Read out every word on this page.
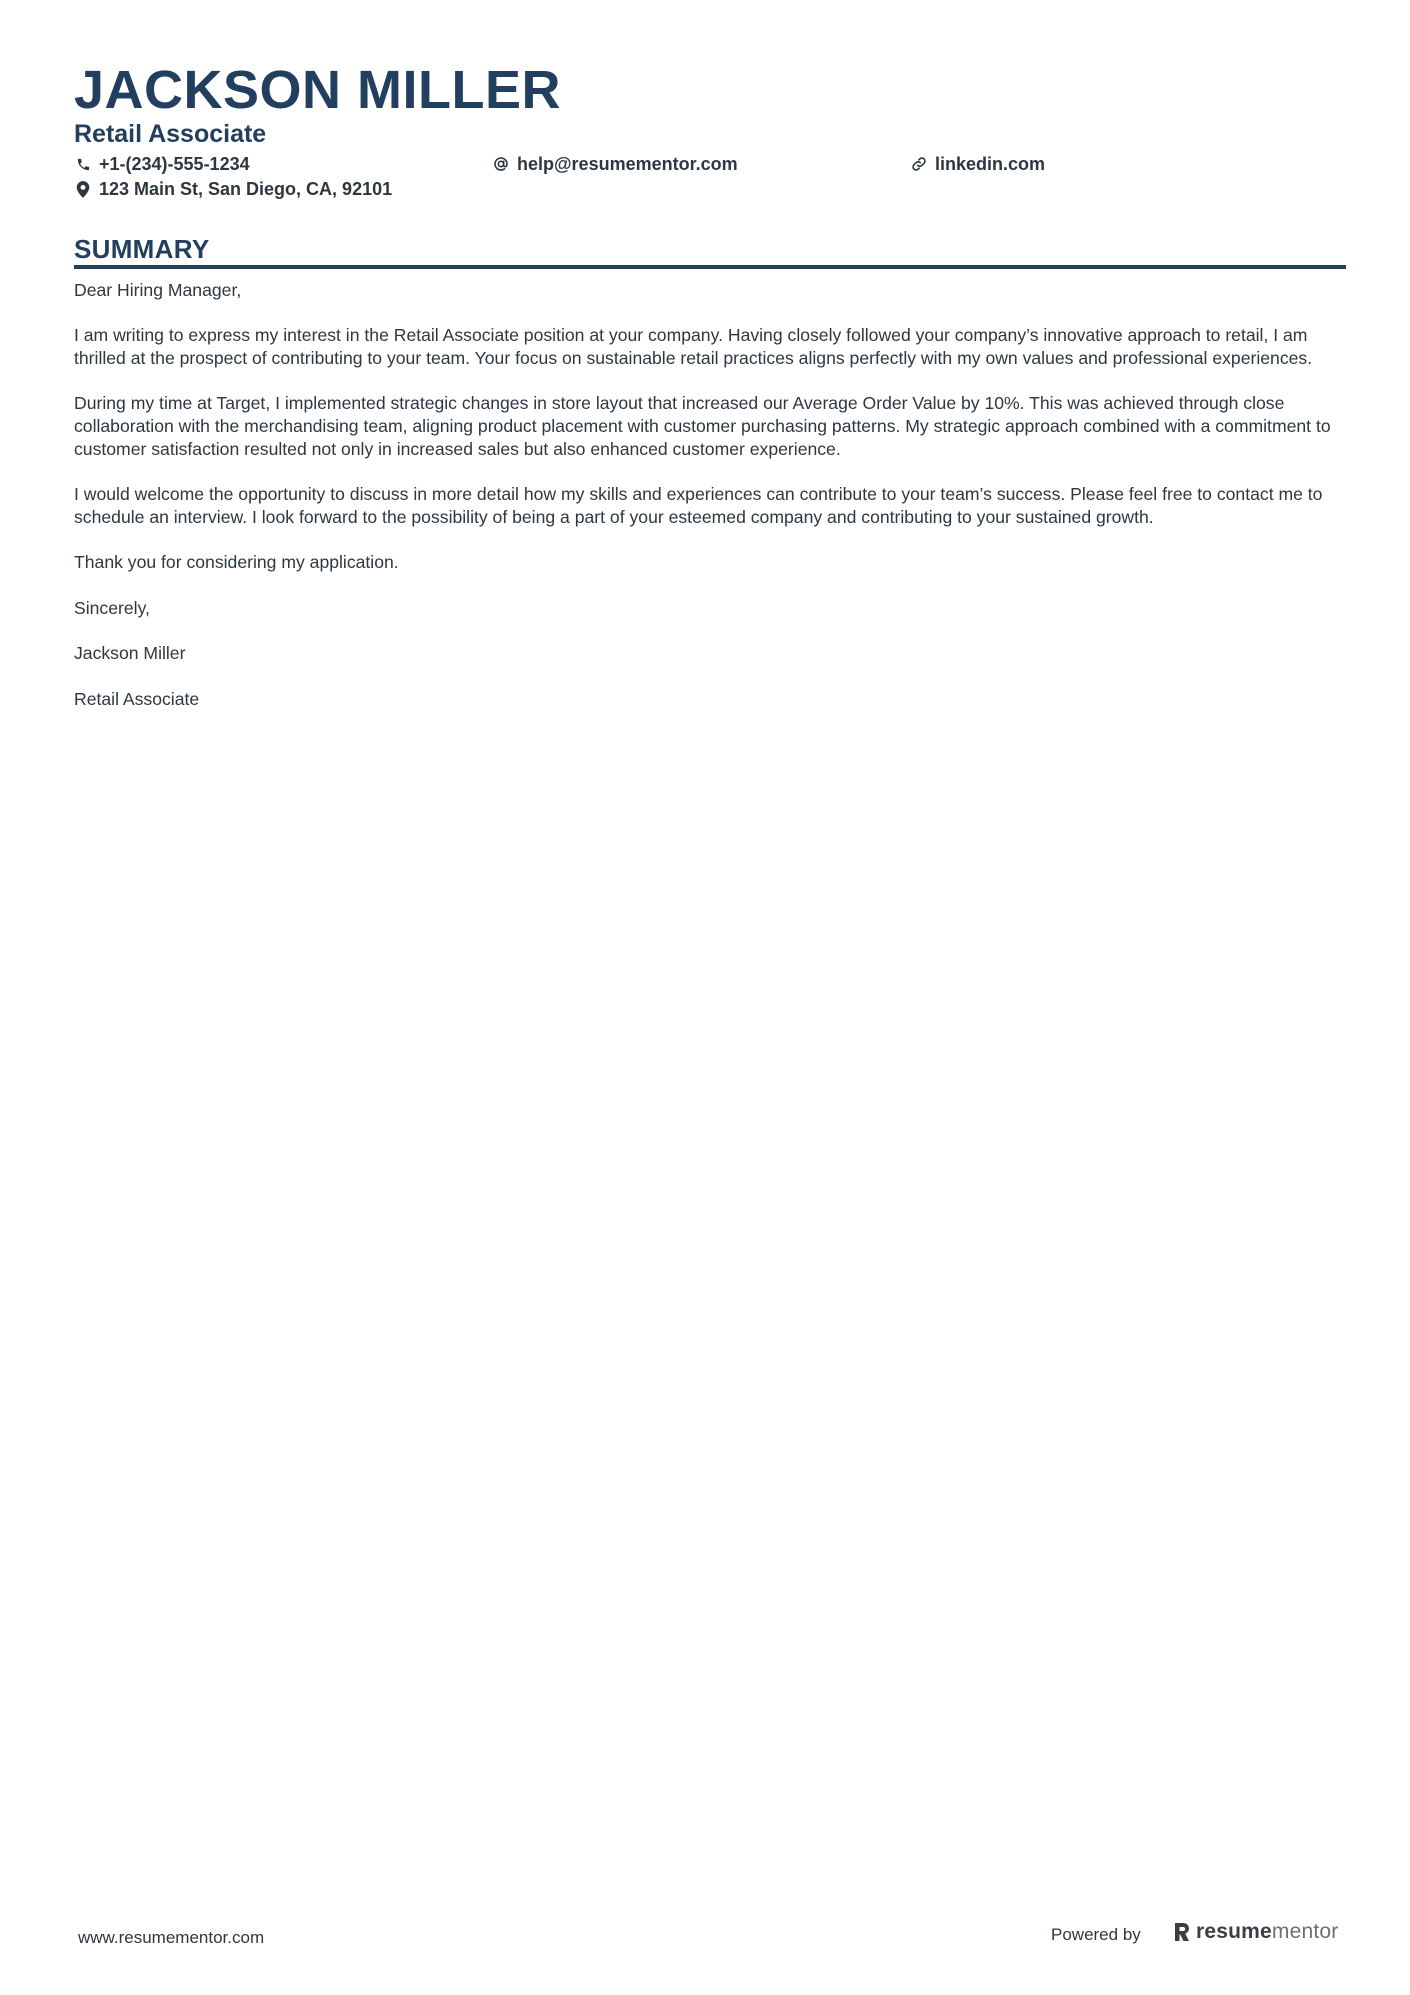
JACKSON MILLER
Retail Associate
+1-(234)-555-1234	help@resumementor.com	linkedin.com
123 Main St, San Diego, CA, 92101
SUMMARY

Dear Hiring Manager,

I am writing to express my interest in the Retail Associate position at your company. Having closely followed your company’s innovative approach to retail, I am thrilled at the prospect of contributing to your team. Your focus on sustainable retail practices aligns perfectly with my own values and professional experiences.

During my time at Target, I implemented strategic changes in store layout that increased our Average Order Value by 10%. This was achieved through close collaboration with the merchandising team, aligning product placement with customer purchasing patterns. My strategic approach combined with a commitment to customer satisfaction resulted not only in increased sales but also enhanced customer experience.

I would welcome the opportunity to discuss in more detail how my skills and experiences can contribute to your team’s success. Please feel free to contact me to schedule an interview. I look forward to the possibility of being a part of your esteemed company and contributing to your sustained growth.

Thank you for considering my application.

Sincerely,

Jackson Miller

Retail Associate

www.resumementor.com	Powered by	resume mentor
